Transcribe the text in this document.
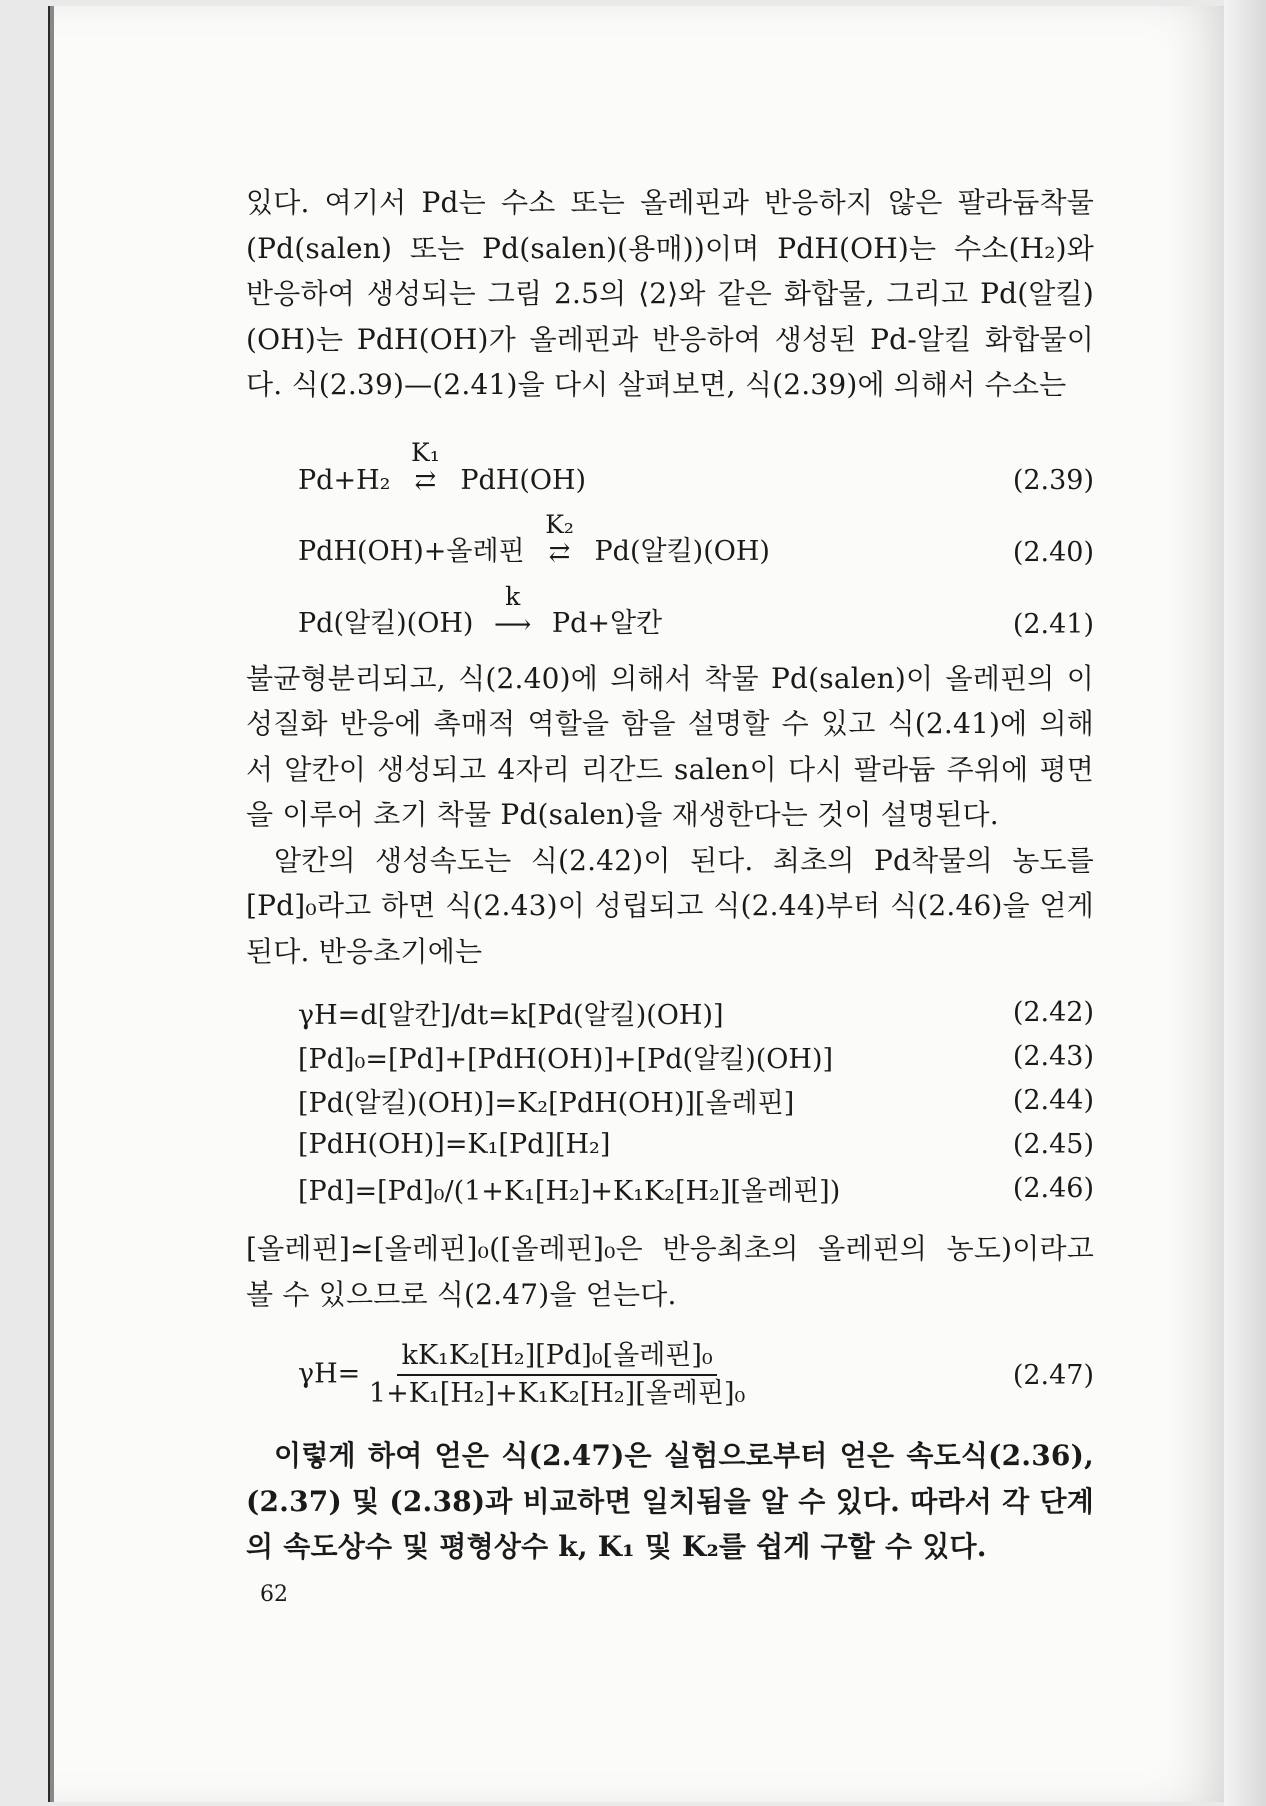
있다. 여기서 Pd는 수소 또는 올레핀과 반응하지 않은 팔라듐착물 (Pd(salen) 또는 Pd(salen)(용매))이며 PdH(OH)는 수소(H₂)와 반응하여 생성되는 그림 2.5의 ⟨2⟩와 같은 화합물, 그리고 Pd(알킬)(OH)는 PdH(OH)가 올레핀과 반응하여 생성된 Pd-알킬 화합물이다. 식(2.39)—(2.41)을 다시 살펴보면, 식(2.39)에 의해서 수소는

Pd+H₂
K₁
⇄ PdH(OH)	(2.39)
PdH(OH)+올레핀
K₂
⇄ Pd(알킬)(OH)	(2.40)
Pd(알킬)(OH)
k
⟶ Pd+알칸	(2.41)

불균형분리되고, 식(2.40)에 의해서 착물 Pd(salen)이 올레핀의 이성질화 반응에 촉매적 역할을 함을 설명할 수 있고 식(2.41)에 의해서 알칸이 생성되고 4자리 리간드 salen이 다시 팔라듐 주위에 평면을 이루어 초기 착물 Pd(salen)을 재생한다는 것이 설명된다.

알칸의 생성속도는 식(2.42)이 된다. 최초의 Pd착물의 농도를 [Pd]₀라고 하면 식(2.43)이 성립되고 식(2.44)부터 식(2.46)을 얻게 된다. 반응초기에는

γH=d[알칸]/dt=k[Pd(알킬)(OH)]	(2.42)
[Pd]₀=[Pd]+[PdH(OH)]+[Pd(알킬)(OH)]	(2.43)
[Pd(알킬)(OH)]=K₂[PdH(OH)][올레핀]	(2.44)
[PdH(OH)]=K₁[Pd][H₂]	(2.45)
[Pd]=[Pd]₀/(1+K₁[H₂]+K₁K₂[H₂][올레핀])	(2.46)

[올레핀]≃[올레핀]₀([올레핀]₀은 반응최초의 올레핀의 농도)이라고 볼 수 있으므로 식(2.47)을 얻는다.

$\gamma H= \frac{\text{kK₁K₂[H₂][Pd]₀[올레핀]₀}}{\text{1+K₁[H₂]+K₁K₂[H₂][올레핀]₀}}$	(2.47)

이렇게 하여 얻은 식(2.47)은 실험으로부터 얻은 속도식(2.36), (2.37) 및 (2.38)과 비교하면 일치됨을 알 수 있다. 따라서 각 단계의 속도상수 및 평형상수 k, K₁ 및 K₂를 쉽게 구할 수 있다.

62
